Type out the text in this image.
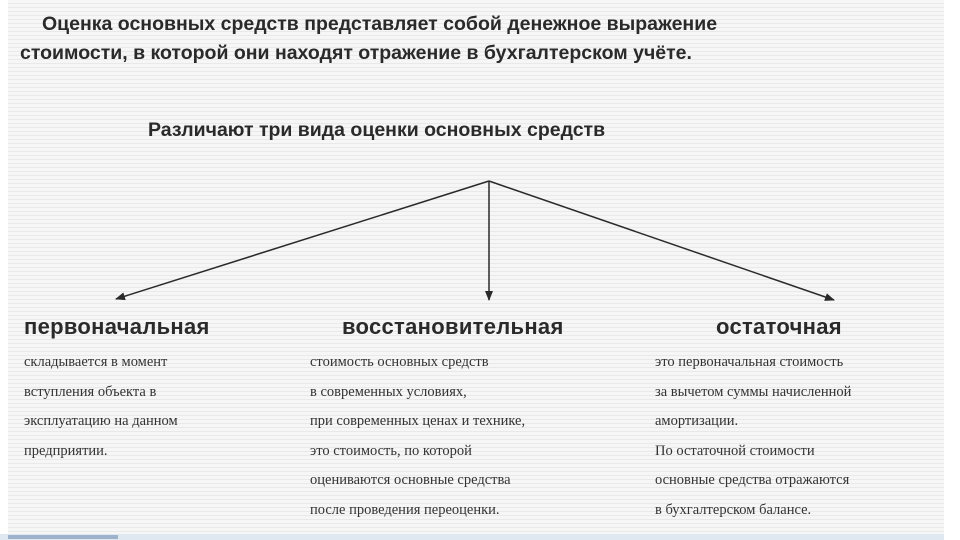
Оценка основных средств представляет собой денежное выражение
стоимости, в которой они находят отражение в бухгалтерском учёте.

Различают три вида оценки основных средств

первоначальная	восстановительная	остаточная
складывается в момент
вступления объекта в
эксплуатацию на данном
предприятии.
стоимость основных средств
в современных условиях,
при современных ценах и технике,
это стоимость, по которой
оцениваются основные средства
после проведения переоценки.
это первоначальная стоимость
за вычетом суммы начисленной
амортизации.
По остаточной стоимости
основные средства отражаются
в бухгалтерском балансе.
